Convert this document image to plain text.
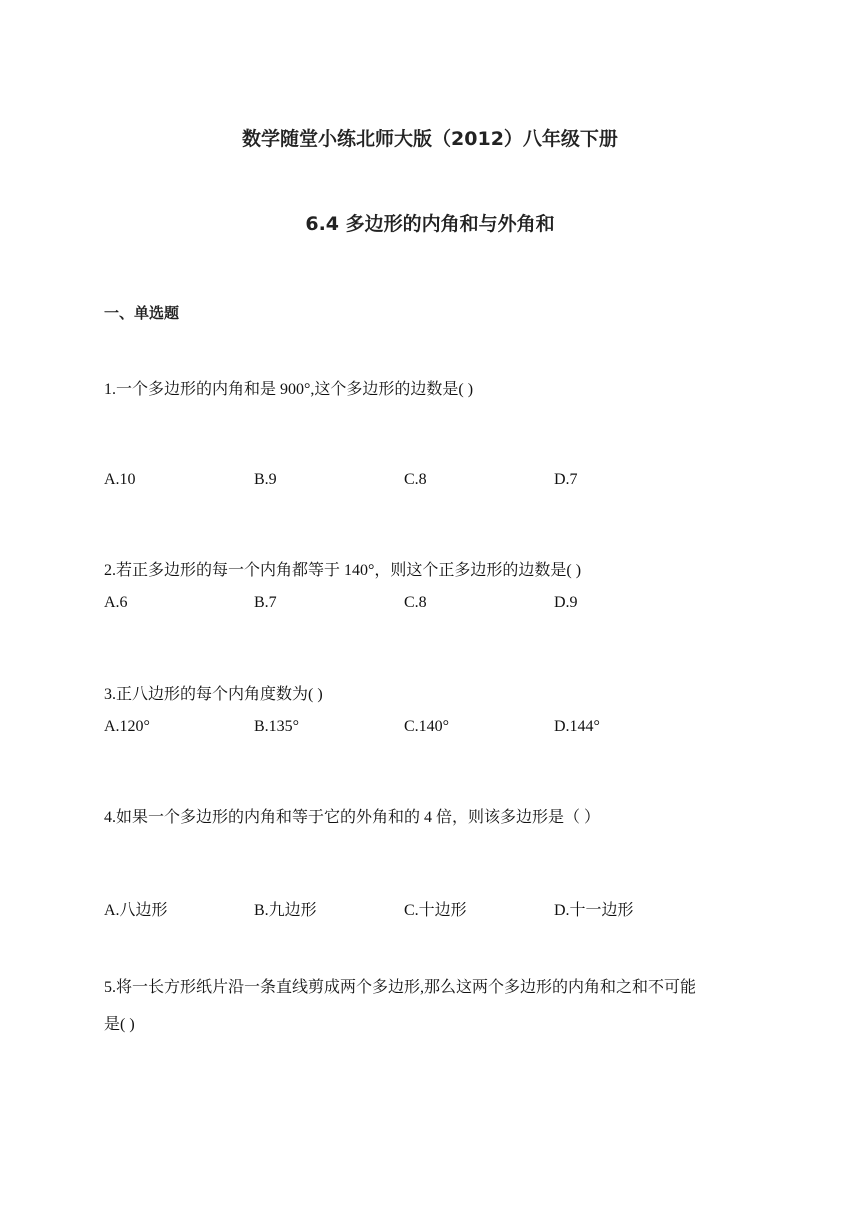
数学随堂小练北师大版（2012）八年级下册
6.4 多边形的内角和与外角和
一、单选题
1.一个多边形的内角和是 900°,这个多边形的边数是( )
A.10	B.9	C.8	D.7
2.若正多边形的每一个内角都等于 140°，则这个正多边形的边数是( )
A.6	B.7	C.8	D.9
3.正八边形的每个内角度数为( )
A.120°	B.135°	C.140°	D.144°
4.如果一个多边形的内角和等于它的外角和的 4 倍，则该多边形是（ ）
A.八边形	B.九边形	C.十边形	D.十一边形
5.将一长方形纸片沿一条直线剪成两个多边形,那么这两个多边形的内角和之和不可能
是( )
